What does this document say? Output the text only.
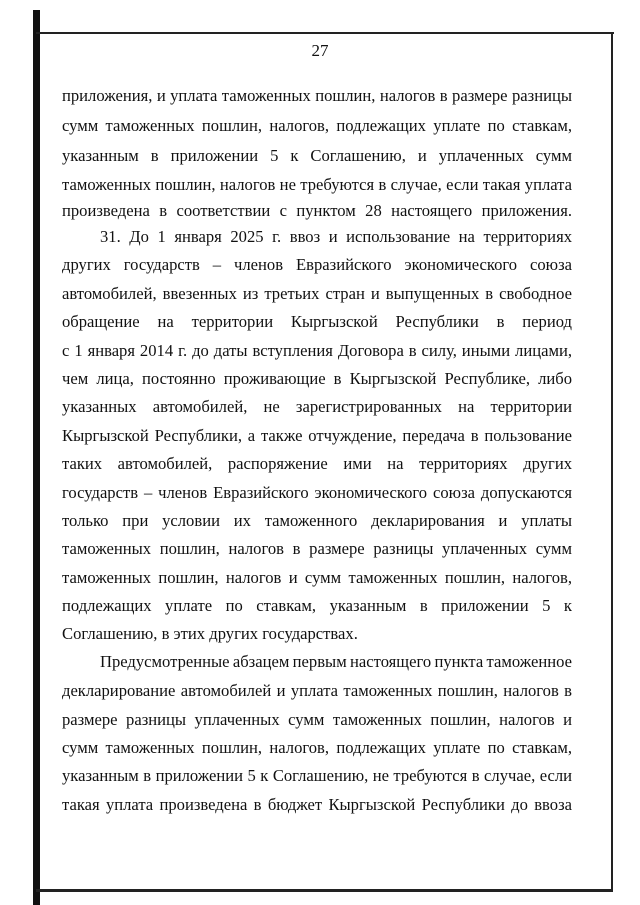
27
приложения, и уплата таможенных пошлин, налогов в размере разницы
сумм таможенных пошлин, налогов, подлежащих уплате по ставкам,
указанным в приложении 5 к Соглашению, и уплаченных сумм
таможенных пошлин, налогов не требуются в случае, если такая уплата
произведена в соответствии с пунктом 28 настоящего приложения.
31. До 1 января 2025 г. ввоз и использование на территориях
других государств – членов Евразийского экономического союза
автомобилей, ввезенных из третьих стран и выпущенных в свободное
обращение на территории Кыргызской Республики в период
с 1 января 2014 г. до даты вступления Договора в силу, иными лицами,
чем лица, постоянно проживающие в Кыргызской Республике, либо
указанных автомобилей, не зарегистрированных на территории
Кыргызской Республики, а также отчуждение, передача в пользование
таких автомобилей, распоряжение ими на территориях других
государств – членов Евразийского экономического союза допускаются
только при условии их таможенного декларирования и уплаты
таможенных пошлин, налогов в размере разницы уплаченных сумм
таможенных пошлин, налогов и сумм таможенных пошлин, налогов,
подлежащих уплате по ставкам, указанным в приложении 5 к
Соглашению, в этих других государствах.
Предусмотренные абзацем первым настоящего пункта таможенное
декларирование автомобилей и уплата таможенных пошлин, налогов в
размере разницы уплаченных сумм таможенных пошлин, налогов и
сумм таможенных пошлин, налогов, подлежащих уплате по ставкам,
указанным в приложении 5 к Соглашению, не требуются в случае, если
такая уплата произведена в бюджет Кыргызской Республики до ввоза
